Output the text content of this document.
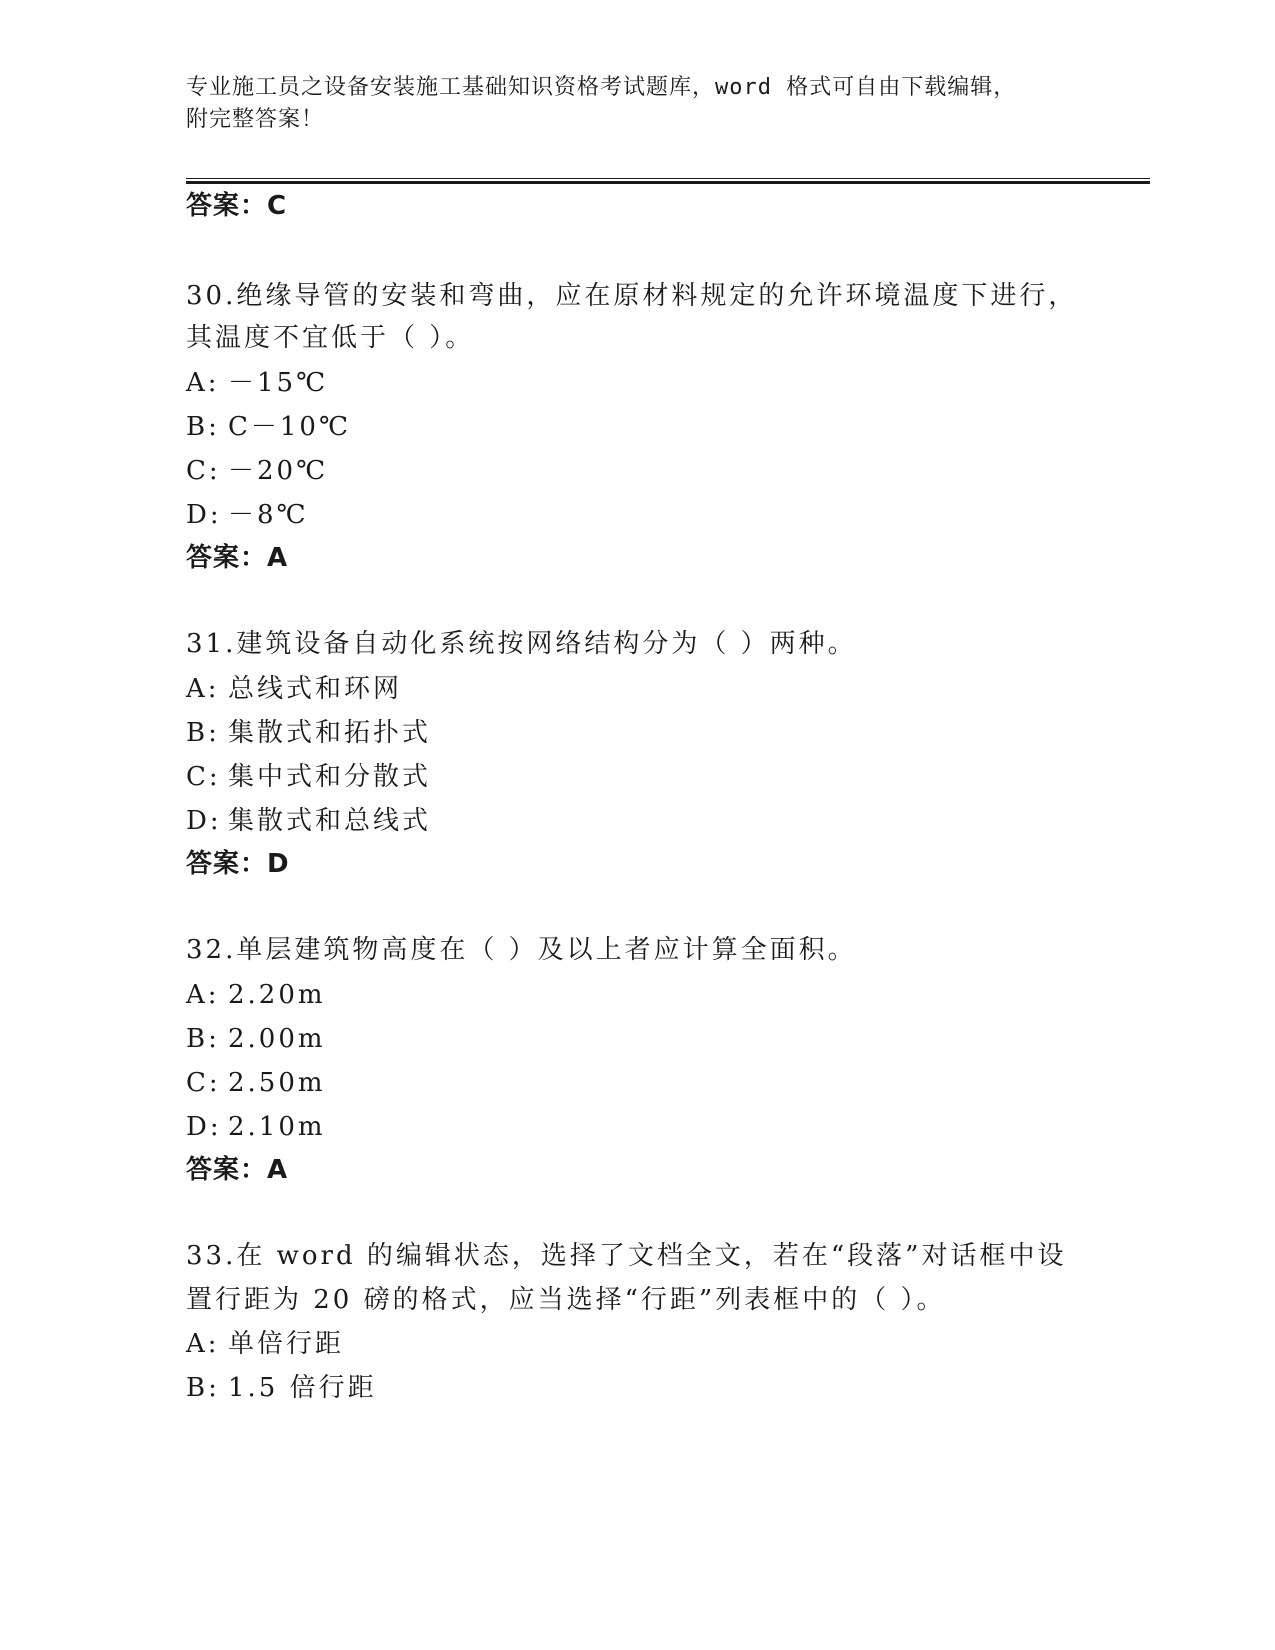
专业施工员之设备安装施工基础知识资格考试题库，word 格式可自由下载编辑，
附完整答案！
答案：C
30.绝缘导管的安装和弯曲，应在原材料规定的允许环境温度下进行，
其温度不宜低于（ ）。
A: －15℃
B: C－10℃
C: －20℃
D: －8℃
答案：A
31.建筑设备自动化系统按网络结构分为（ ）两种。
A: 总线式和环网
B: 集散式和拓扑式
C: 集中式和分散式
D: 集散式和总线式
答案：D
32.单层建筑物高度在（ ）及以上者应计算全面积。
A: 2.20m
B: 2.00m
C: 2.50m
D: 2.10m
答案：A
33.在 word 的编辑状态，选择了文档全文，若在“段落”对话框中设
置行距为 20 磅的格式，应当选择“行距”列表框中的（ ）。
A: 单倍行距
B: 1.5 倍行距
